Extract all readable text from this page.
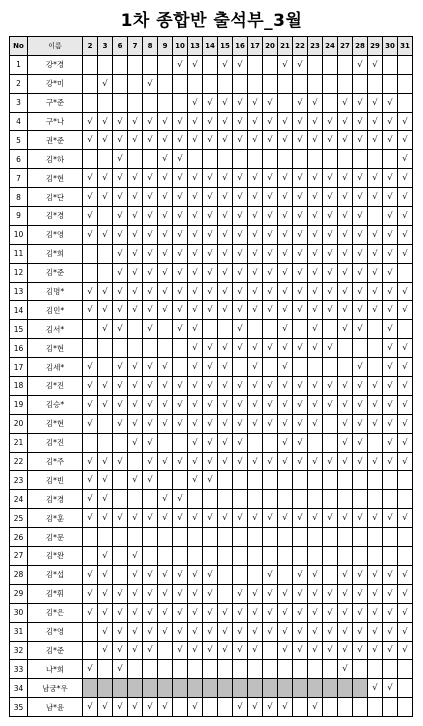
1차 종합반 출석부_3월
No	이름	2	3	6	7	8	9	10	13	14	15	16	17	20	21	22	23	24	27	28	29	30	31
1	강*경							√	√		√	√			√	√				√	√		
2	강*미		√			√																	
3	구*준								√	√	√	√	√	√		√	√		√	√	√	√	
4	구*나	√	√	√	√	√	√	√	√	√	√	√	√	√	√	√	√	√	√	√	√	√	√
5	권*준	√	√	√	√	√	√	√	√	√	√	√	√	√	√	√	√	√	√	√	√	√	√
6	김*하			√			√	√															√
7	김*현	√	√	√	√	√	√	√	√	√	√	√	√	√	√	√	√	√	√	√	√	√	√
8	김*단	√	√	√	√	√	√	√	√	√	√	√	√	√	√	√	√	√	√	√	√	√	√
9	김*경	√		√	√	√	√	√	√	√	√	√	√	√	√	√	√	√	√	√		√	√
10	김*영	√	√	√	√	√	√	√	√	√	√	√	√	√	√	√	√	√	√	√	√	√	√
11	김*희			√	√	√	√	√	√	√	√	√	√	√	√	√	√	√	√	√	√	√	√
12	김*준			√	√	√	√	√	√	√	√	√	√	√	√	√	√	√	√	√	√	√	
13	김명*	√	√	√	√	√	√	√	√	√	√	√	√	√	√	√	√	√	√	√	√	√	√
14	김민*	√	√	√	√	√	√	√	√	√	√	√	√	√	√	√	√	√	√	√	√	√	√
15	김서*		√	√		√		√	√			√			√		√		√	√		√	
16	김*현								√	√	√	√	√	√	√	√	√	√				√	√
17	김세*	√		√	√	√	√		√	√	√		√		√					√		√	√
18	김*진	√	√	√	√	√	√	√	√	√	√	√	√	√	√	√	√	√	√	√	√	√	√
19	김승*	√	√	√	√	√	√	√	√	√	√	√	√	√	√	√	√	√	√	√	√	√	√
20	김*현	√		√	√	√	√	√	√	√	√	√	√	√	√	√	√		√	√	√	√	√
21	김*진				√	√			√	√	√	√			√	√			√	√		√	√
22	김*주	√	√	√		√	√	√	√	√	√	√	√	√	√	√	√	√	√	√	√	√	√
23	김*빈	√	√		√	√			√	√													
24	김*경	√	√				√	√															
25	김*훈	√	√	√	√	√	√	√	√	√	√	√	√	√	√	√	√	√	√	√	√	√	√
26	김*문																						
27	김*완		√		√																		
28	김*섭	√	√		√	√	√	√	√	√				√		√	√		√	√	√	√	√
29	김*휘	√	√	√	√	√	√	√	√	√		√	√	√	√	√	√	√	√	√	√	√	√
30	김*은	√	√	√	√	√	√	√	√	√	√	√	√	√	√	√	√	√	√	√	√	√	√
31	김*영		√	√	√	√	√	√	√	√	√	√	√	√	√	√	√	√	√	√	√	√	√
32	김*준		√	√	√	√		√	√	√	√	√	√		√	√	√	√	√	√	√	√	√
33	나*희	√		√															√				
34	남궁*우																				√	√	
35	남*윤	√	√	√	√	√	√		√			√	√	√	√		√						
